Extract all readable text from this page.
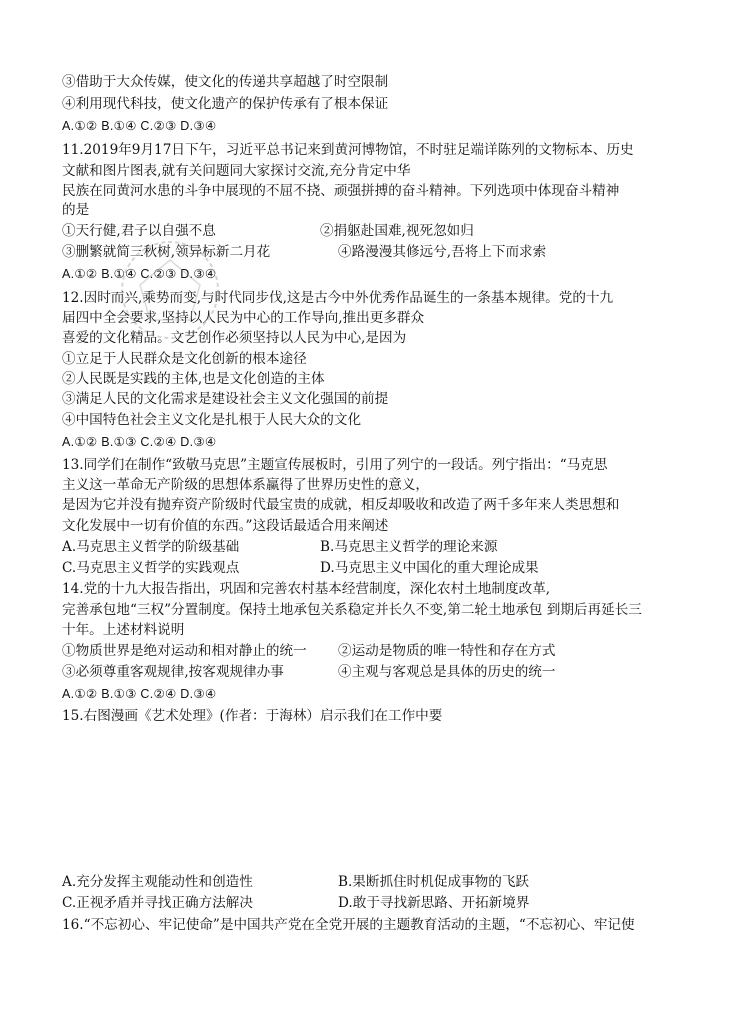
③借助于大众传媒，使文化的传递共享超越了时空限制
④利用现代科技，使文化遗产的保护传承有了根本保证
A.①② B.①④ C.②③ D.③④
11.2019年9月17日下午，习近平总书记来到黄河博物馆，不时驻足端详陈列的文物标本、历史
文献和图片图表,就有关问题同大家探讨交流,充分肯定中华
民族在同黄河水患的斗争中展现的不屈不挠、顽强拼搏的奋斗精神。下列选项中体现奋斗精神
的是
①天行健,君子以自强不息	②捐躯赴国难,视死忽如归
③删繁就简三秋树,领异标新二月花	④路漫漫其修远兮,吾将上下而求索
A.①② B.①④ C.②③ D.③④
12.因时而兴,乘势而变,与时代同步伐,这是古今中外优秀作品诞生的一条基本规律。党的十九
届四中全会要求,坚持以人民为中心的工作导向,推出更多群众
喜爱的文化精品。文艺创作必须坚持以人民为中心,是因为
①立足于人民群众是文化创新的根本途径
②人民既是实践的主体,也是文化创造的主体
③满足人民的文化需求是建设社会主义文化强国的前提
④中国特色社会主义文化是扎根于人民大众的文化
A.①② B.①③ C.②④ D.③④
13.同学们在制作“致敬马克思”主题宣传展板时，引用了列宁的一段话。列宁指出：“马克思
主义这一革命无产阶级的思想体系赢得了世界历史性的意义，
是因为它并没有抛弃资产阶级时代最宝贵的成就，相反却吸收和改造了两千多年来人类思想和
文化发展中一切有价值的东西。”这段话最适合用来阐述
A.马克思主义哲学的阶级基础	B.马克思主义哲学的理论来源
C.马克思主义哲学的实践观点	D.马克思主义中国化的重大理论成果
14.党的十九大报告指出，巩固和完善农村基本经营制度，深化农村土地制度改革,
完善承包地“三权”分置制度。保持土地承包关系稳定并长久不变,第二轮土地承包 到期后再延长三
十年。上述材料说明
①物质世界是绝对运动和相对静止的统一 ②运动是物质的唯一特性和存在方式
③必须尊重客观规律,按客观规律办事	④主观与客观总是具体的历史的统一
A.①② B.①③ C.②④ D.③④
15.右图漫画《艺术处理》(作者：于海林）启示我们在工作中要
A.充分发挥主观能动性和创造性	B.果断抓住时机促成事物的飞跃
C.正视矛盾并寻找正确方法解决	D.敢于寻找新思路、开拓新境界
16.“不忘初心、牢记使命”是中国共产党在全党开展的主题教育活动的主题，“不忘初心、牢记使
